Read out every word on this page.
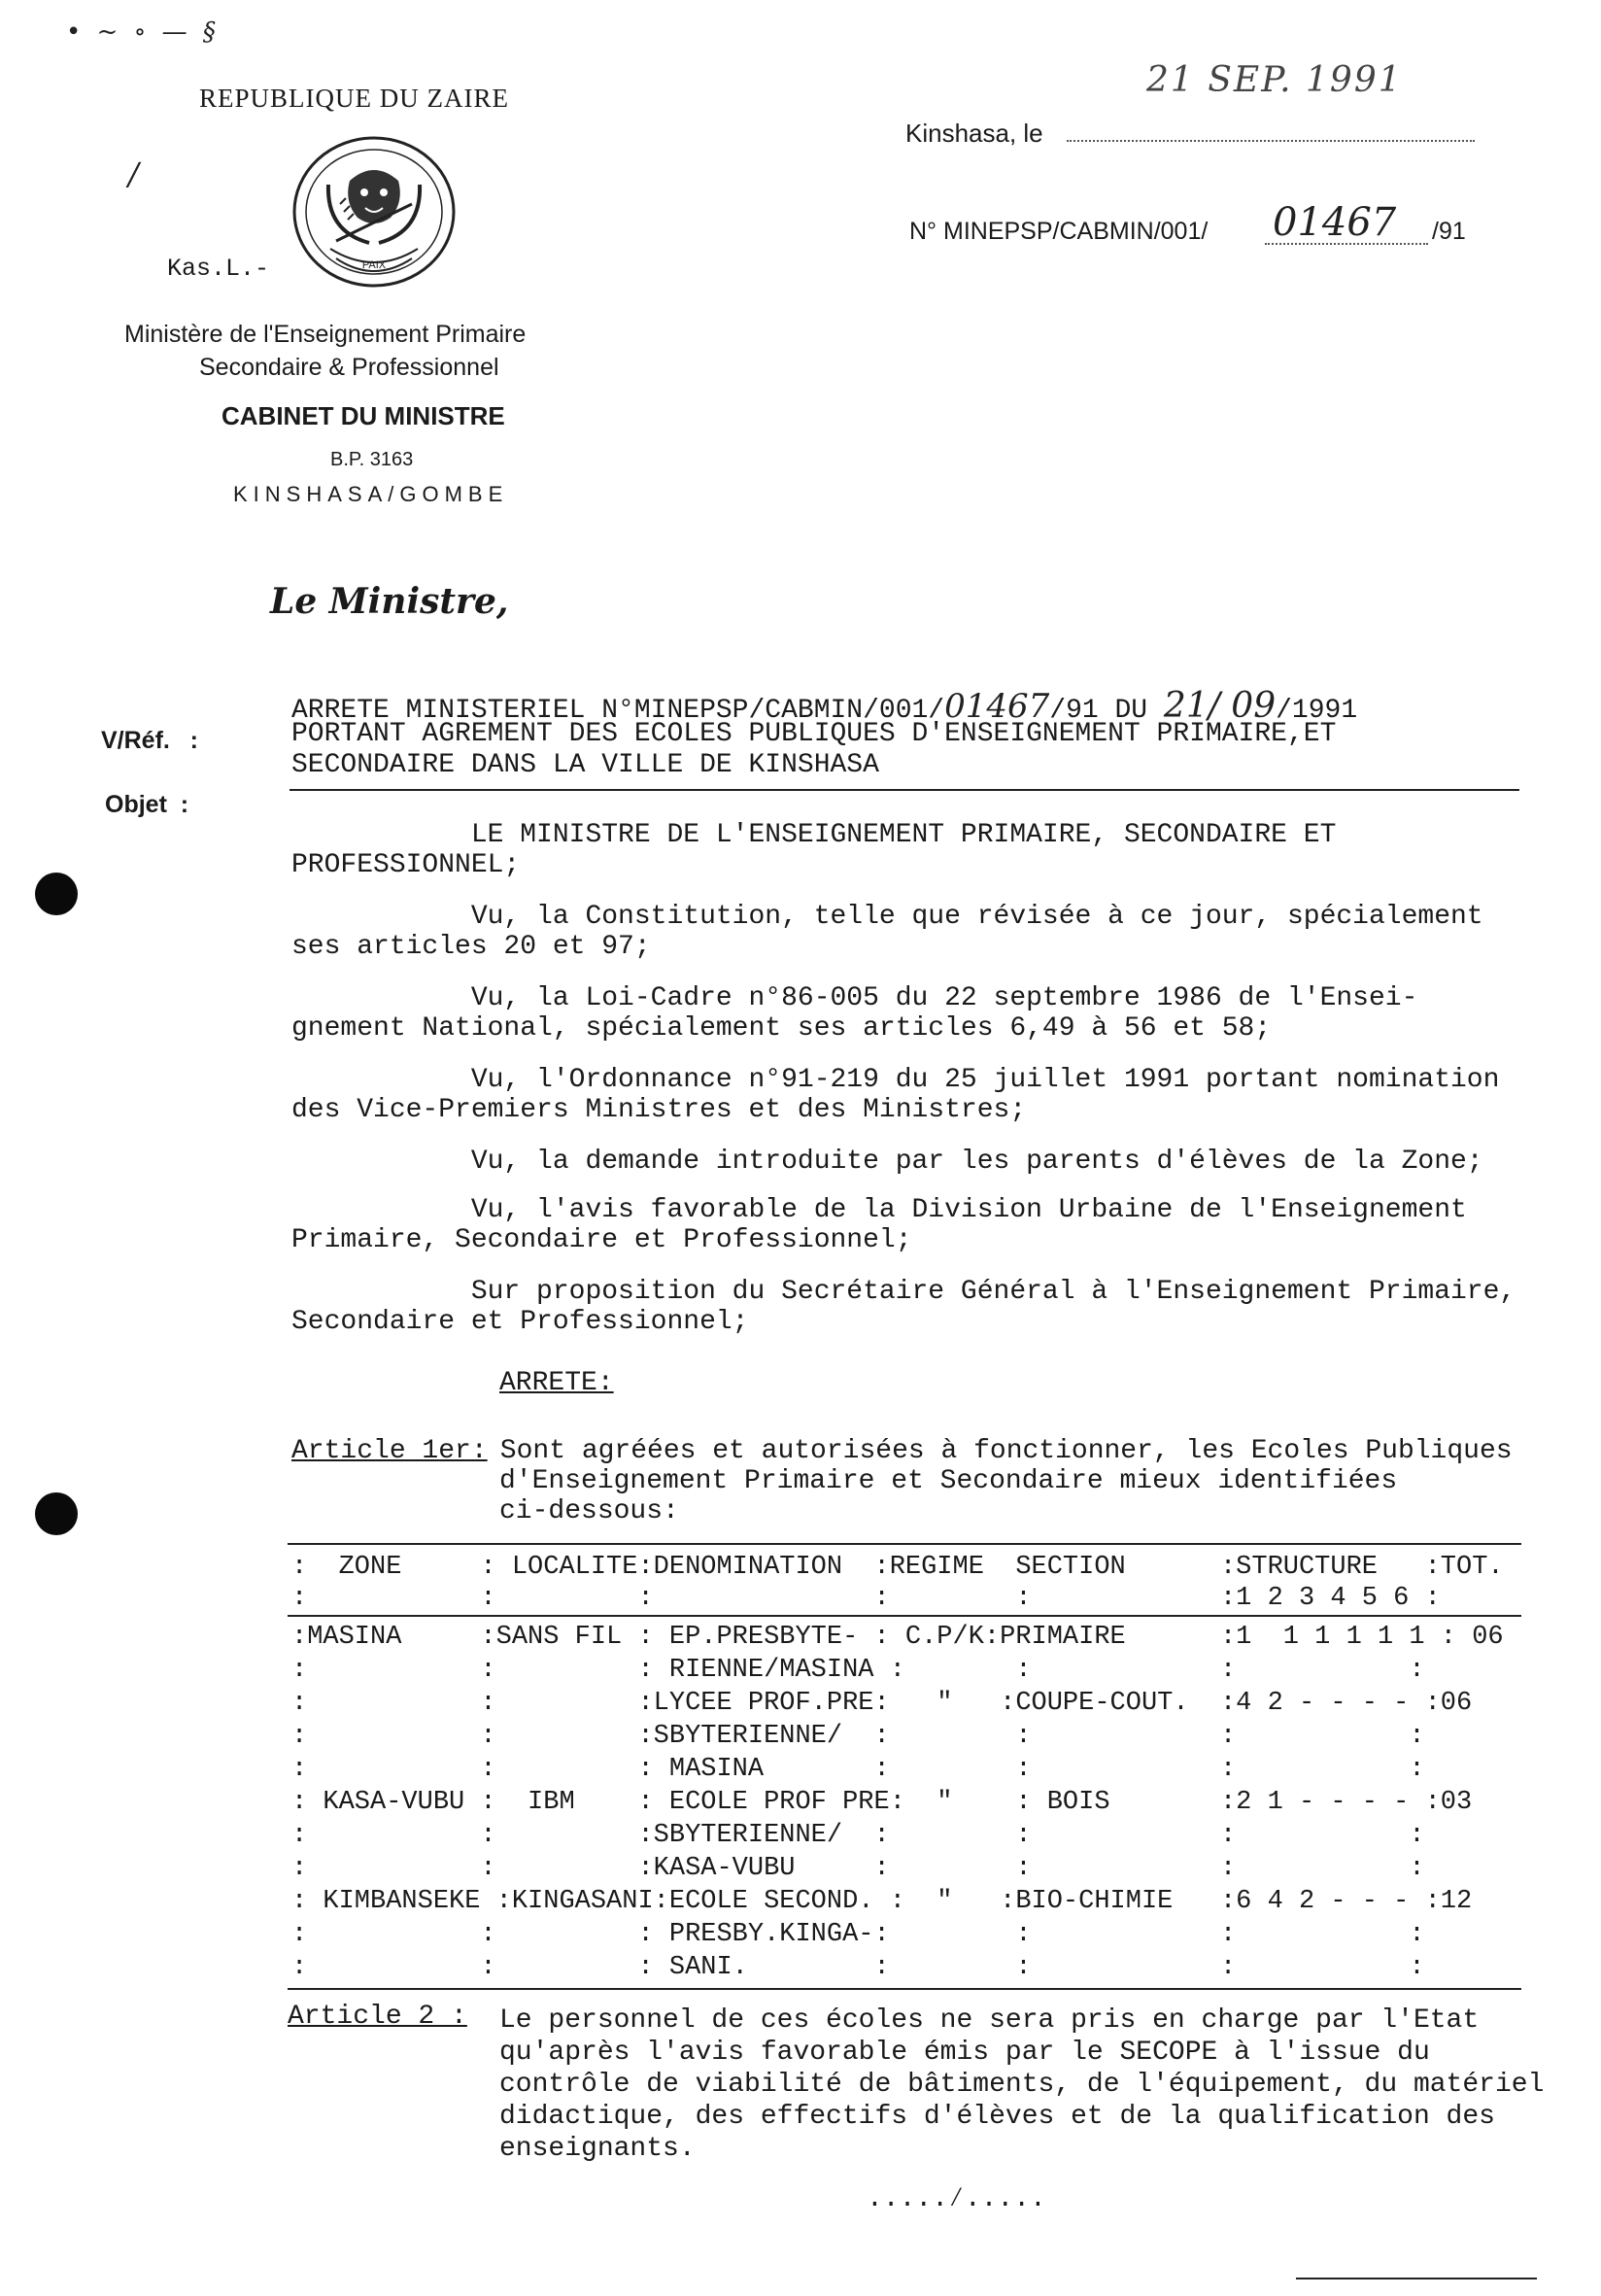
• ~ ∘ — §
REPUBLIQUE DU ZAIRE
/
PAIX
Kas.L.-
Ministère de l'Enseignement Primaire
Secondaire & Professionnel
CABINET DU MINISTRE
B.P. 3163
KINSHASA/GOMBE
21 SEP. 1991
Kinshasa, le
N° MINEPSP/CABMIN/001/ 01467 /91
Le Ministre,
ARRETE MINISTERIEL N°MINEPSP/CABMIN/001/01467/91 DU 21/ 09/1991
V/Réf.   :	PORTANT AGREMENT DES ECOLES PUBLIQUES D'ENSEIGNEMENT PRIMAIRE,ET
SECONDAIRE DANS LA VILLE DE KINSHASA
Objet  :
LE MINISTRE DE L'ENSEIGNEMENT PRIMAIRE, SECONDAIRE ET
PROFESSIONNEL;
Vu, la Constitution, telle que révisée à ce jour, spécialement
ses articles 20 et 97;
Vu, la Loi-Cadre n°86-005 du 22 septembre 1986 de l'Ensei-
gnement National, spécialement ses articles 6,49 à 56 et 58;
Vu, l'Ordonnance n°91-219 du 25 juillet 1991 portant nomination
des Vice-Premiers Ministres et des Ministres;
Vu, la demande introduite par les parents d'élèves de la Zone;
Vu, l'avis favorable de la Division Urbaine de l'Enseignement
Primaire, Secondaire et Professionnel;
Sur proposition du Secrétaire Général à l'Enseignement Primaire,
Secondaire et Professionnel;
ARRETE:
Article 1er:
Sont agréées et autorisées à fonctionner, les Ecoles Publiques
d'Enseignement Primaire et Secondaire mieux identifiées
ci-dessous:
:  ZONE     : LOCALITE:DENOMINATION  :REGIME  SECTION      :STRUCTURE   :TOT.
:           :         :              :        :            :1 2 3 4 5 6 :
:MASINA     :SANS FIL : EP.PRESBYTE- : C.P/K:PRIMAIRE      :1  1 1 1 1 1 : 06
:           :         : RIENNE/MASINA :       :            :           :
:           :         :LYCEE PROF.PRE:   "   :COUPE-COUT.  :4 2 - - - - :06
:           :         :SBYTERIENNE/  :        :            :           :
:           :         : MASINA       :        :            :           :
: KASA-VUBU :  IBM    : ECOLE PROF PRE:  "    : BOIS       :2 1 - - - - :03
:           :         :SBYTERIENNE/  :        :            :           :
:           :         :KASA-VUBU     :        :            :           :
: KIMBANSEKE :KINGASANI:ECOLE SECOND. :  "   :BIO-CHIMIE   :6 4 2 - - - :12
:           :         : PRESBY.KINGA-:        :            :           :
:           :         : SANI.        :        :            :           :
Article 2 : Le personnel de ces écoles ne sera pris en charge par l'Etat
qu'après l'avis favorable émis par le SECOPE à l'issue du
contrôle de viabilité de bâtiments, de l'équipement, du matériel
didactique, des effectifs d'élèves et de la qualification des
enseignants.
.....∕.....
